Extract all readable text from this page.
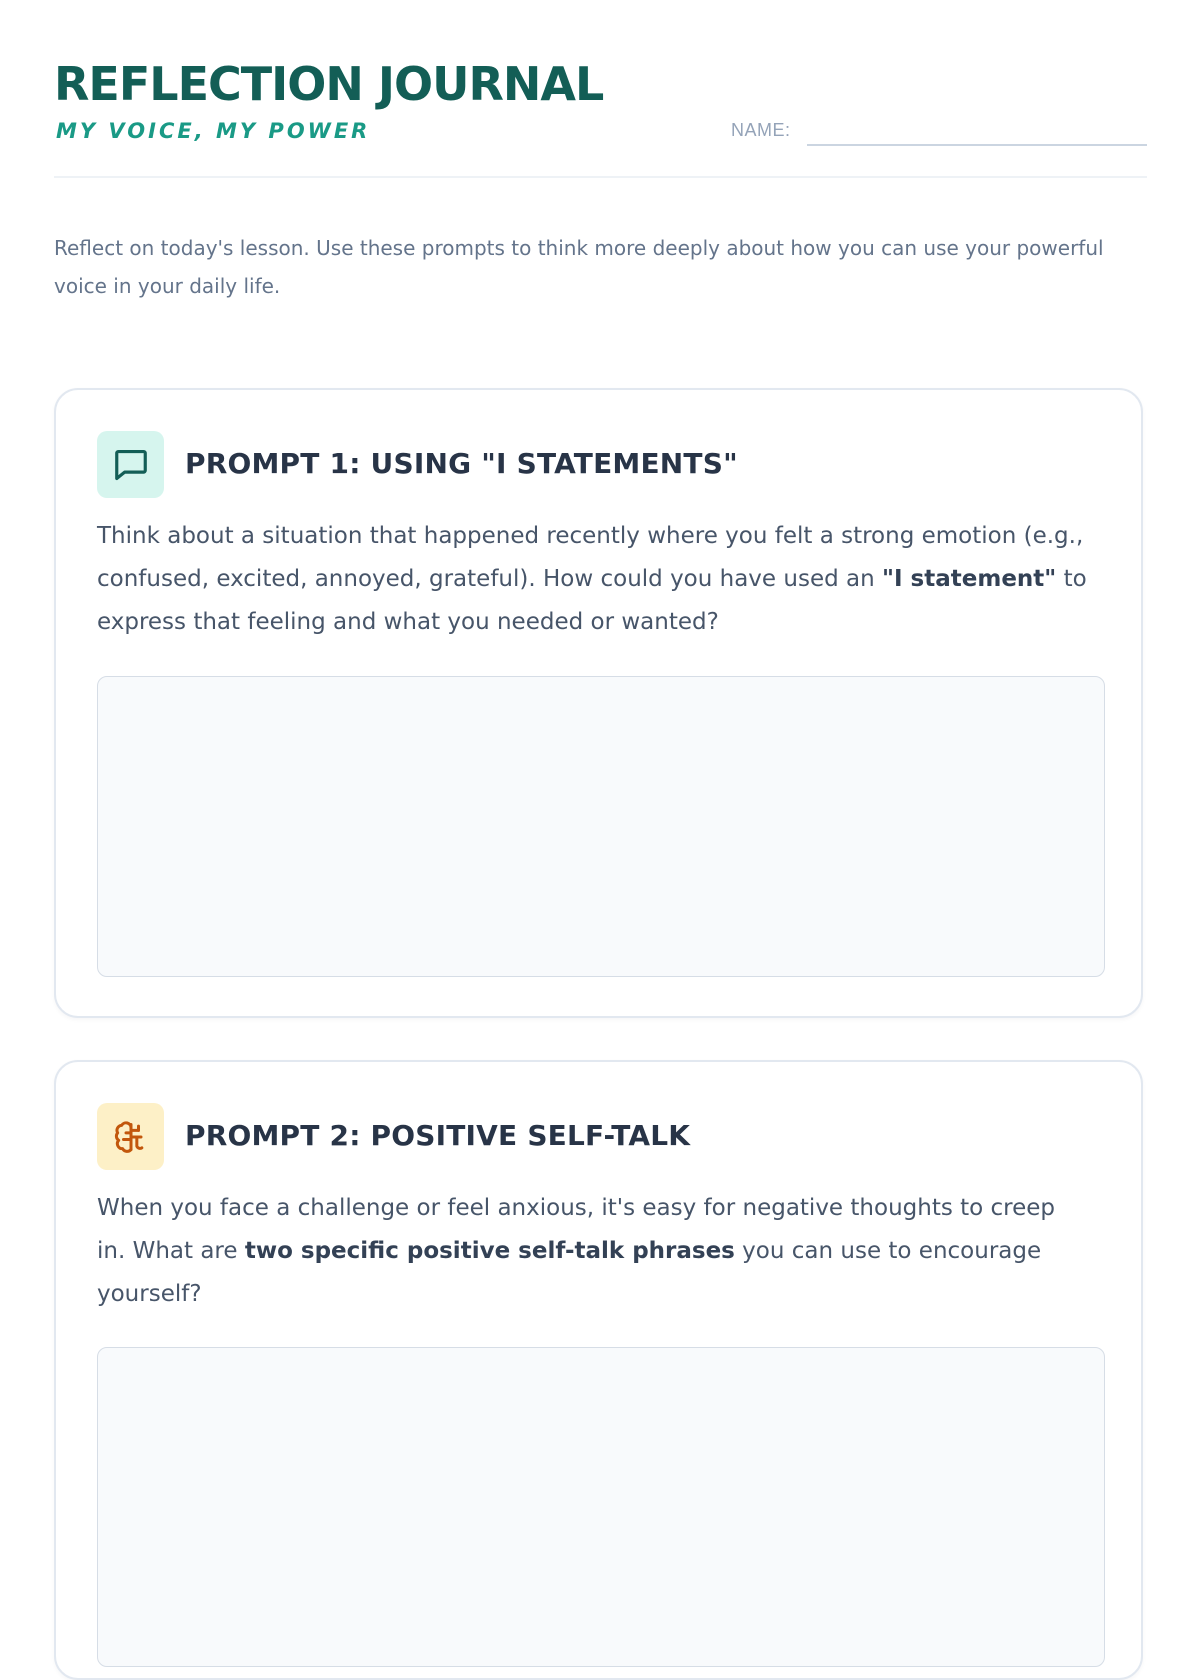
REFLECTION JOURNAL
MY VOICE, MY POWER	NAME:

Reflect on today's lesson. Use these prompts to think more deeply about how you can use your powerful voice in your daily life.

PROMPT 1: USING "I STATEMENTS"

Think about a situation that happened recently where you felt a strong emotion (e.g., confused, excited, annoyed, grateful). How could you have used an "I statement" to express that feeling and what you needed or wanted?

PROMPT 2: POSITIVE SELF-TALK

When you face a challenge or feel anxious, it's easy for negative thoughts to creep in. What are two specific positive self-talk phrases you can use to encourage yourself?
